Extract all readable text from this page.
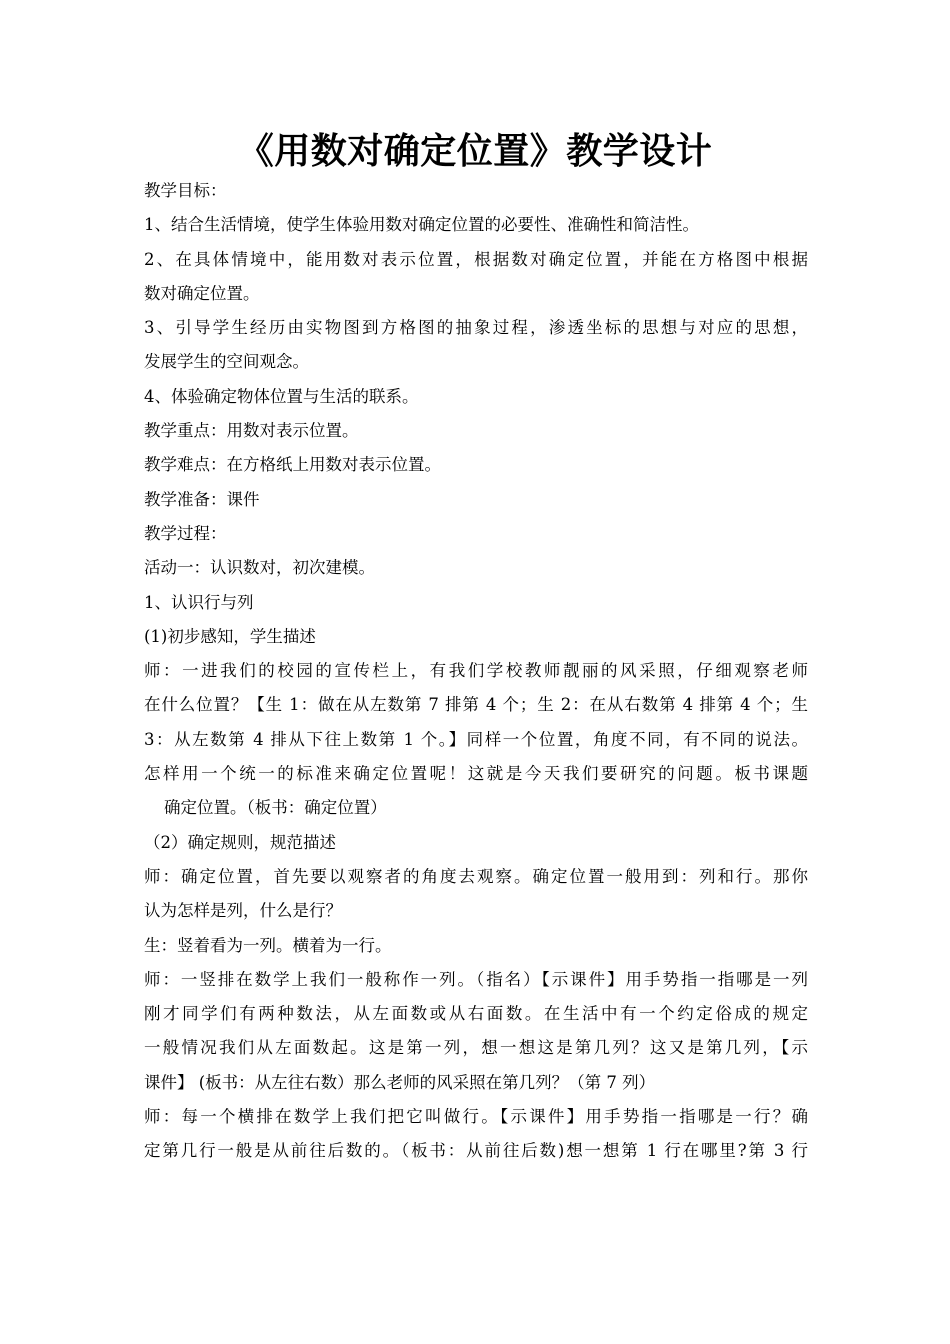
《用数对确定位置》教学设计
教学目标：
1、结合生活情境，使学生体验用数对确定位置的必要性、准确性和简洁性。
2、在具体情境中，能用数对表示位置，根据数对确定位置，并能在方格图中根据
数对确定位置。
3、引导学生经历由实物图到方格图的抽象过程，渗透坐标的思想与对应的思想，
发展学生的空间观念。
4、体验确定物体位置与生活的联系。
教学重点：用数对表示位置。
教学难点：在方格纸上用数对表示位置。
教学准备：课件
教学过程：
活动一：认识数对，初次建模。
1、认识行与列
(1)初步感知，学生描述
师：一进我们的校园的宣传栏上，有我们学校教师靓丽的风采照，仔细观察老师
在什么位置？【生 1：做在从左数第 7 排第 4 个；生 2：在从右数第 4 排第 4 个；生
3：从左数第 4 排从下往上数第 1 个。】同样一个位置，角度不同，有不同的说法。
怎样用一个统一的标准来确定位置呢！这就是今天我们要研究的问题。板书课题
确定位置。（板书：确定位置）
（2）确定规则，规范描述
师：确定位置，首先要以观察者的角度去观察。确定位置一般用到：列和行。那你
认为怎样是列，什么是行？
生：竖着看为一列。横着为一行。
师：一竖排在数学上我们一般称作一列。（指名）【示课件】用手势指一指哪是一列
刚才同学们有两种数法，从左面数或从右面数。在生活中有一个约定俗成的规定
一般情况我们从左面数起。这是第一列，想一想这是第几列？这又是第几列，【示
课件】 (板书：从左往右数）那么老师的风采照在第几列？（第 7 列）
师：每一个横排在数学上我们把它叫做行。【示课件】用手势指一指哪是一行？确
定第几行一般是从前往后数的。（板书：从前往后数)想一想第 1 行在哪里?第 3 行
